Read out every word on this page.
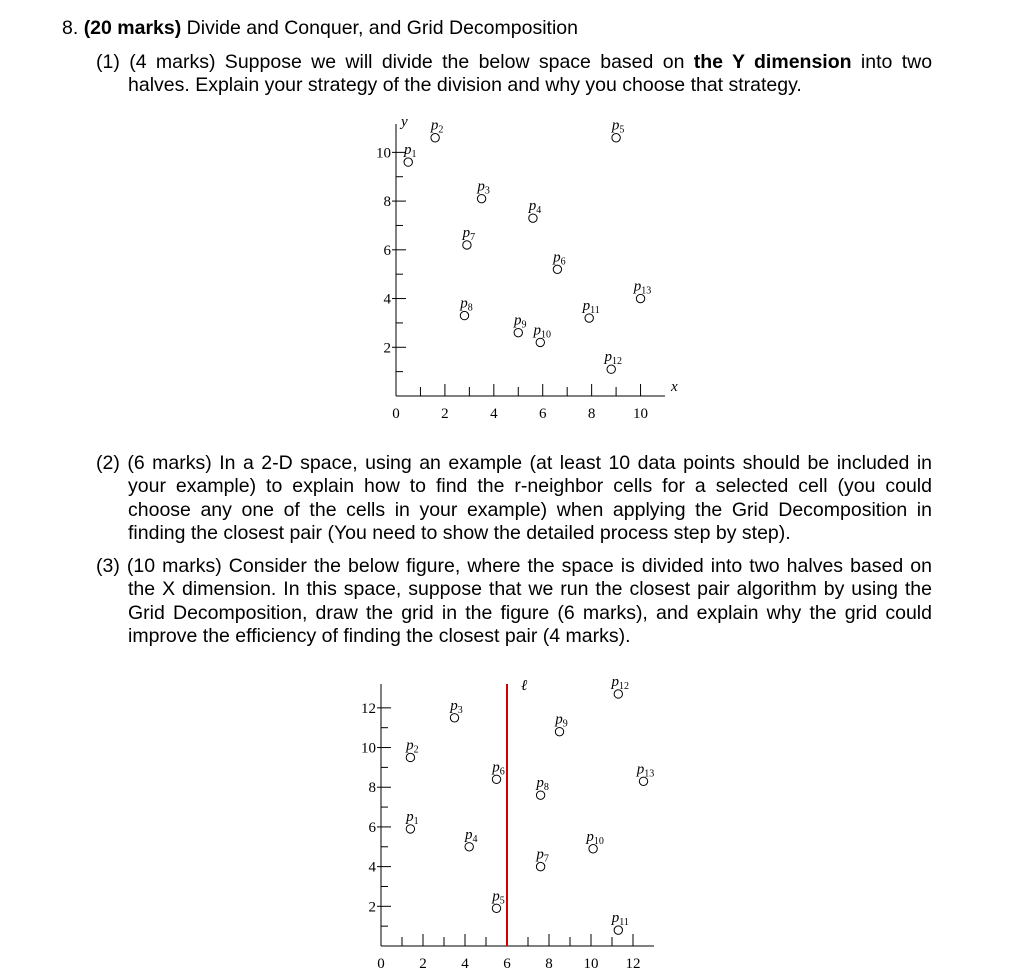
8. (20 marks) Divide and Conquer, and Grid Decomposition

(1) (4 marks) Suppose we will divide the below space based on the Y dimension into two halves. Explain your strategy of the division and why you choose that strategy.

2
4
6
8
10
0	2	4	6	8	10
y
x
$p_1$
$p_2$
$p_3$
$p_4$
$p_5$
$p_6$
$p_7$
$p_8$
$p_9$ $p_{10}$
$p_{11}$
$p_{12}$
$p_{13}$

(2) (6 marks) In a 2-D space, using an example (at least 10 data points should be included in your example) to explain how to find the r-neighbor cells for a selected cell (you could choose any one of the cells in your example) when applying the Grid Decomposition in finding the closest pair (You need to show the detailed process step by step).

(3) (10 marks) Consider the below figure, where the space is divided into two halves based on the X dimension. In this space, suppose that we run the closest pair algorithm by using the Grid Decomposition, draw the grid in the figure (6 marks), and explain why the grid could improve the efficiency of finding the closest pair (4 marks).

2
4
6
8
10
12
0 2 4 6 8 10 12
ℓ
$p_1$
$p_2$
$p_3$
$p_4$
$p_5$
$p_6$
$p_7$
$p_8$
$p_9$
$p_{10}$
$p_{11}$
$p_{12}$
$p_{13}$
